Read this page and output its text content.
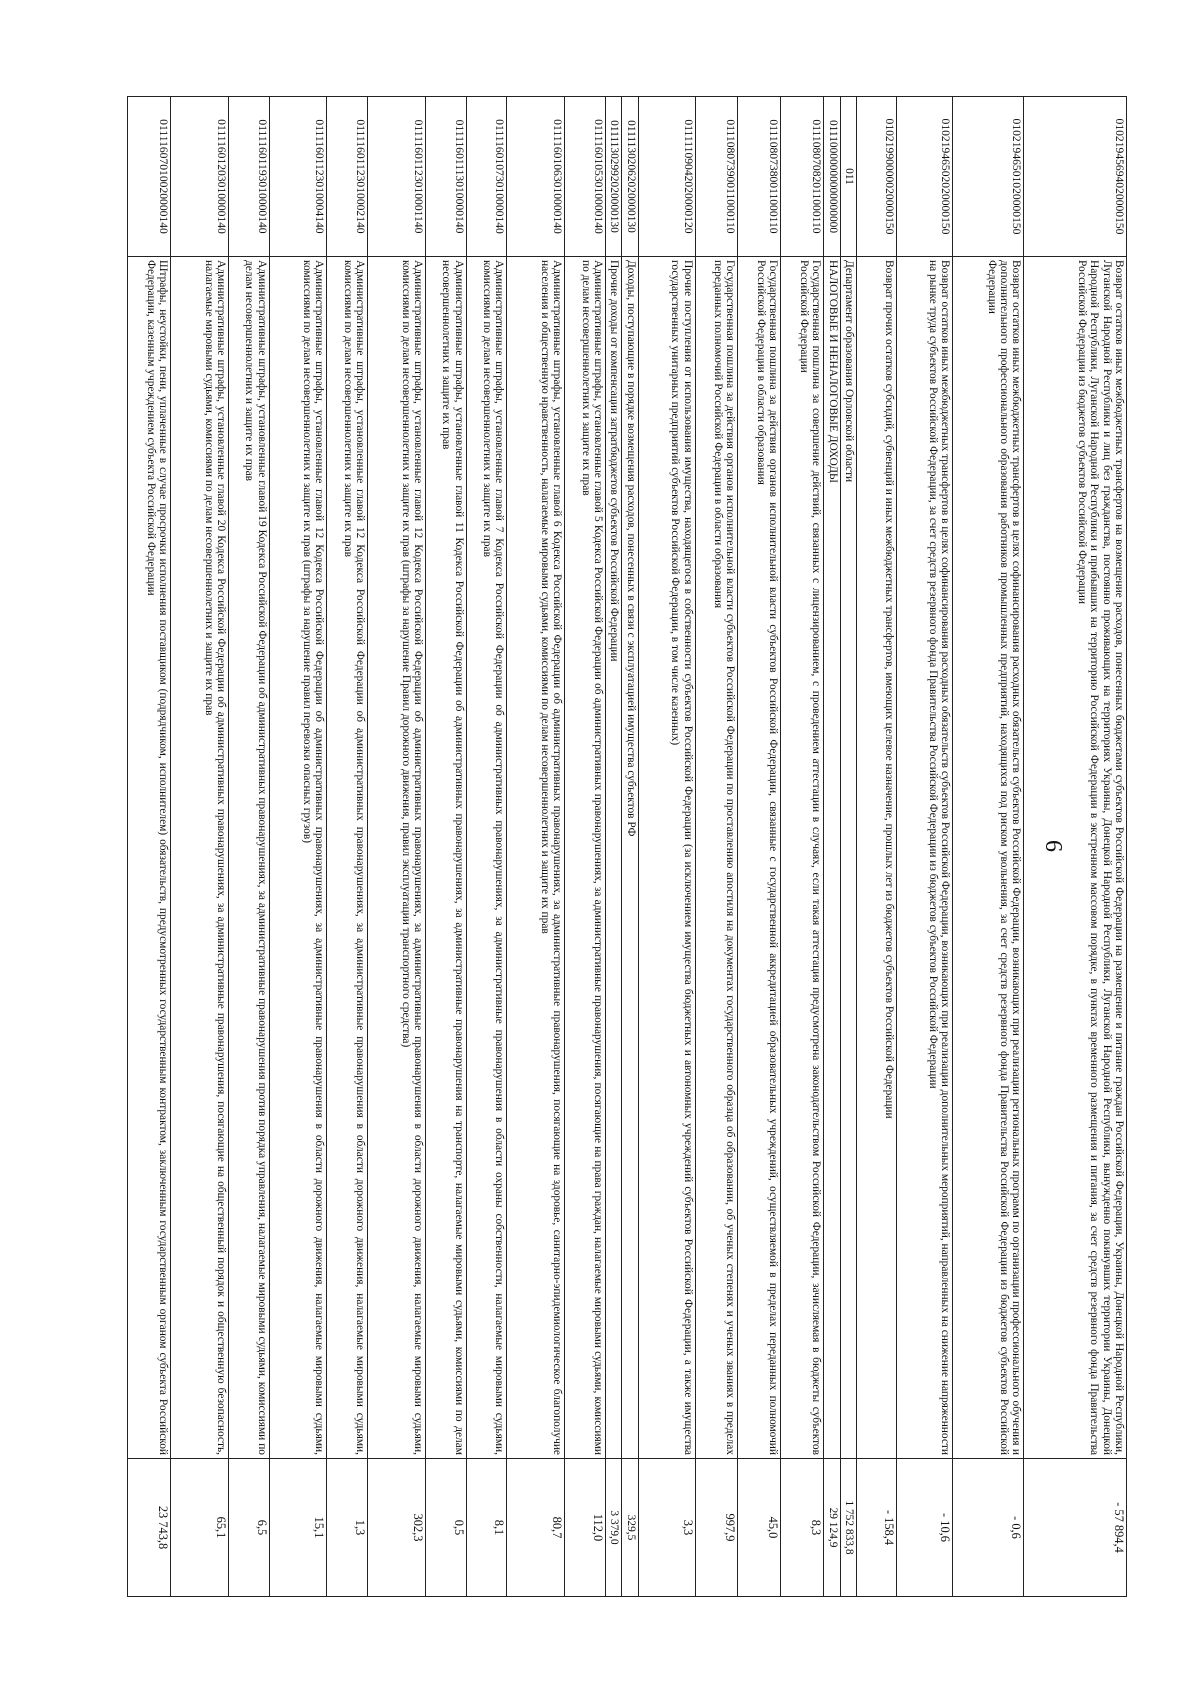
6
01021945694020000150	Возврат остатков иных межбюджетных трансфертов на возмещение расходов, понесенных бюджетами субъектов Российской Федерации на размещение и питание граждан Российской Федерации, Украины, Донецкой Народной Республики, Луганской Народной Республики и лиц без гражданства, постоянно проживающих на территориях Украины, Донецкой Народной Республики, Луганской Народной Республики, вынужденно покинувших территории Украины, Донецкой Народной Республики, Луганской Народной Республики и прибывших на территорию Российской Федерации в экстренном массовом порядке, в пунктах временного размещения и питания, за счет средств резервного фонда Правительства Российской Федерации из бюджетов субъектов Российской Федерации	- 57 894,4
01021946501020000150	Возврат остатков иных межбюджетных трансфертов в целях софинансирования расходных обязательств субъектов Российской Федерации, возникающих при реализации региональных программ по организации профессионального обучения и дополнительного профессионального образования работников промышленных предприятий, находящихся под риском увольнения, за счет средств резервного фонда Правительства Российской Федерации из бюджетов субъектов Российской Федерации	- 0,6
01021946502020000150	Возврат остатков иных межбюджетных трансфертов в целях софинансирования расходных обязательств субъектов Российской Федерации, возникающих при реализации дополнительных мероприятий, направленных на снижение напряженности на рынке труда субъектов Российской Федерации, за счет средств резервного фонда Правительства Российской Федерации из бюджетов субъектов Российской Федерации	- 10,6
01021990000020000150	Возврат прочих остатков субсидий, субвенций и иных межбюджетных трансфертов, имеющих целевое назначение, прошлых лет из бюджетов субъектов Российской Федерации	- 158,4
011	Департамент образования Орловской области	1 752 833,8
01110000000000000000	НАЛОГОВЫЕ И НЕНАЛОГОВЫЕ ДОХОДЫ	29 124,9
01110807082011000110	Государственная пошлина за совершение действий, связанных с лицензированием, с проведением аттестации в случаях, если такая аттестация предусмотрена законодательством Российской Федерации, зачисляемая в бюджеты субъектов Российской Федерации	8,3
01110807380011000110	Государственная пошлина за действия органов исполнительной власти субъектов Российской Федерации, связанные с государственной аккредитацией образовательных учреждений, осуществляемой в пределах переданных полномочий Российской Федерации в области образования	45,0
01110807390011000110	Государственная пошлина за действия органов исполнительной власти субъектов Российской Федерации по проставлению апостиля на документах государственного образца об образовании, об ученых степенях и ученых званиях в пределах переданных полномочий Российской Федерации в области образования	997,9
01111109042020000120	Прочие поступления от использования имущества, находящегося в собственности субъектов Российской Федерации (за исключением имущества бюджетных и автономных учреждений субъектов Российской Федерации, а также имущества государственных унитарных предприятий субъектов Российской Федерации, в том числе казенных)	3,3
01111302062020000130	Доходы, поступающие в порядке возмещения расходов, понесенных в связи с эксплуатацией имущества субъектов РФ	329,5
01111302992020000130	Прочие доходы от компенсации затратбюджетов субъектов Российской Федерации	3 379,0
01111601053010000140	Административные штрафы, установленные главой 5 Кодекса Российской Федерации об административных правонарушениях, за административные правонарушения, посягающие на права граждан, налагаемые мировыми судьями, комиссиями по делам несовершеннолетних и защите их прав	112,0
01111601063010000140	Административные штрафы, установленные главой 6 Кодекса Российской Федерации об административных правонарушениях, за административные правонарушения, посягающие на здоровье, санитарно-эпидемиологическое благополучие населения и общественную нравственность, налагаемые мировыми судьями, комиссиями по делам несовершеннолетних и защите их прав	80,7
01111601073010000140	Административные штрафы, установленные главой 7 Кодекса Российской Федерации об административных правонарушениях, за административные правонарушения в области охраны собственности, налагаемые мировыми судьями, комиссиями по делам несовершеннолетних и защите их прав	8,1
01111601113010000140	Административные штрафы, установленные главой 11 Кодекса Российской Федерации об административных правонарушениях, за административные правонарушения на транспорте, налагаемые мировыми судьями, комиссиями по делам несовершеннолетних и защите их прав	0,5
01111601123010001140	Административные штрафы, установленные главой 12 Кодекса Российской Федерации об административных правонарушениях, за административные правонарушения в области дорожного движения, налагаемые мировыми судьями, комиссиями по делам несовершеннолетних и защите их прав (штрафы за нарушение Правил дорожного движения, правил эксплуатации транспортного средства)	302,3
01111601123010002140	Административные штрафы, установленные главой 12 Кодекса Российской Федерации об административных правонарушениях, за административные правонарушения в области дорожного движения, налагаемые мировыми судьями, комиссиями по делам несовершеннолетних и защите их прав	1,3
01111601123010004140	Административные штрафы, установленные главой 12 Кодекса Российской Федерации об административных правонарушениях, за административные правонарушения в области дорожного движения, налагаемые мировыми судьями, комиссиями по делам несовершеннолетних и защите их прав (штрафы за нарушение правил перевозки опасных грузов)	15,1
01111601193010000140	Административные штрафы, установленные главой 19 Кодекса Российской Федерации об административных правонарушениях, за административные правонарушения против порядка управления, налагаемые мировыми судьями, комиссиями по делам несовершеннолетних и защите их прав	6,5
01111601203010000140	Административные штрафы, установленные главой 20 Кодекса Российской Федерации об административных правонарушениях, за административные правонарушения, посягающие на общественный порядок и общественную безопасность, налагаемые мировыми судьями, комиссиями по делам несовершеннолетних и защите их прав	65,1
01111607010020000140	Штрафы, неустойки, пени, уплаченные в случае просрочки исполнения поставщиком (подрядчиком, исполнителем) обязательств, предусмотренных государственным контрактом, заключенным государственным органом субъекта Российской Федерации, казенным учреждением субъекта Российской Федерации	23 743,8
